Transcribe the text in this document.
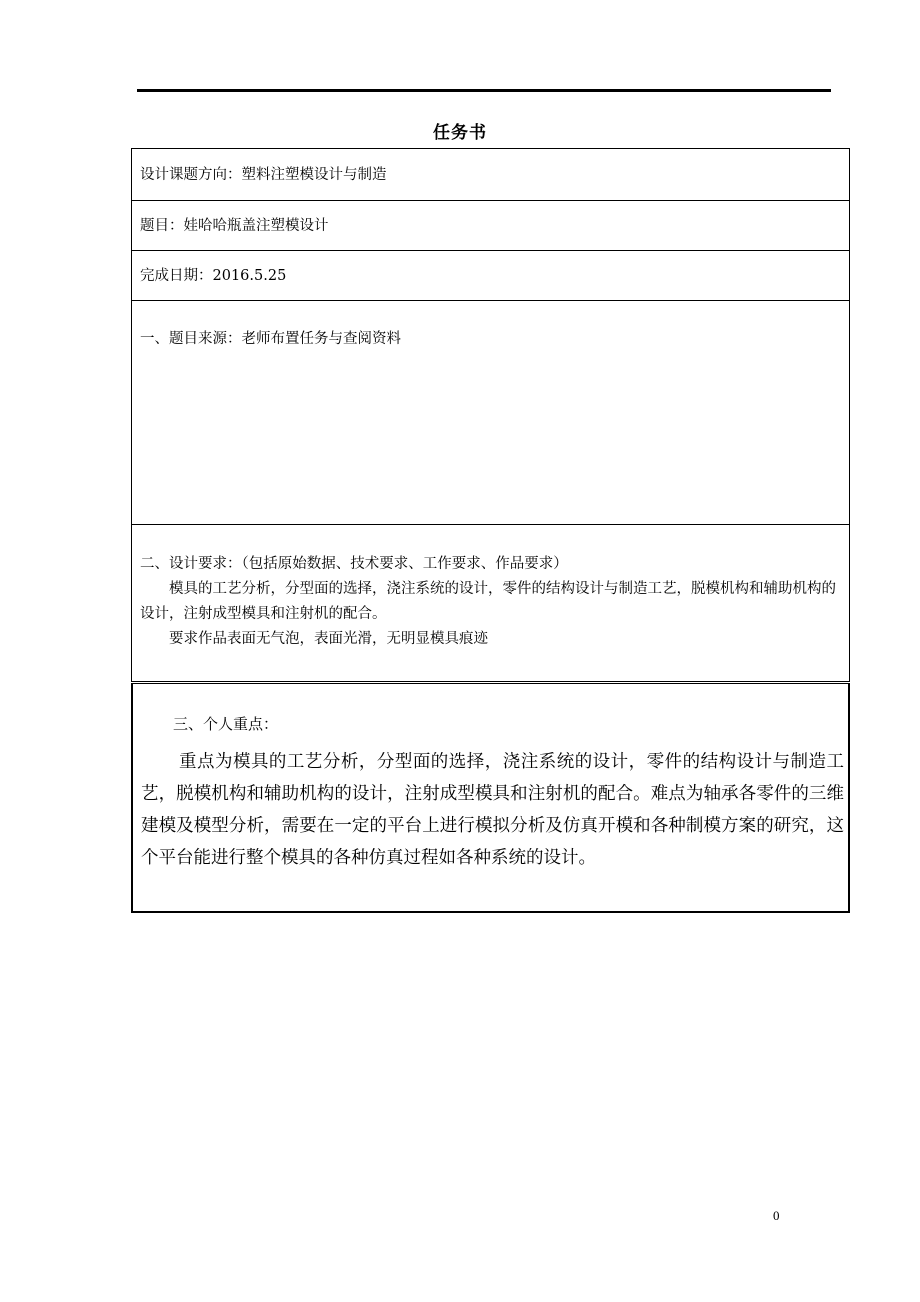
任务书
设计课题方向：塑料注塑模设计与制造
题目：娃哈哈瓶盖注塑模设计
完成日期：2016.5.25
一、题目来源：老师布置任务与查阅资料

二、设计要求：（包括原始数据、技术要求、工作要求、作品要求）

模具的工艺分析，分型面的选择，浇注系统的设计，零件的结构设计与制造工艺，脱模机构和辅助机构的设计，注射成型模具和注射机的配合。

要求作品表面无气泡，表面光滑，无明显模具痕迹

三、个人重点：
重点为模具的工艺分析，分型面的选择，浇注系统的设计，零件的结构设计与制造工艺，脱模机构和辅助机构的设计，注射成型模具和注射机的配合。难点为轴承各零件的三维建模及模型分析，需要在一定的平台上进行模拟分析及仿真开模和各种制模方案的研究，这个平台能进行整个模具的各种仿真过程如各种系统的设计。
0
